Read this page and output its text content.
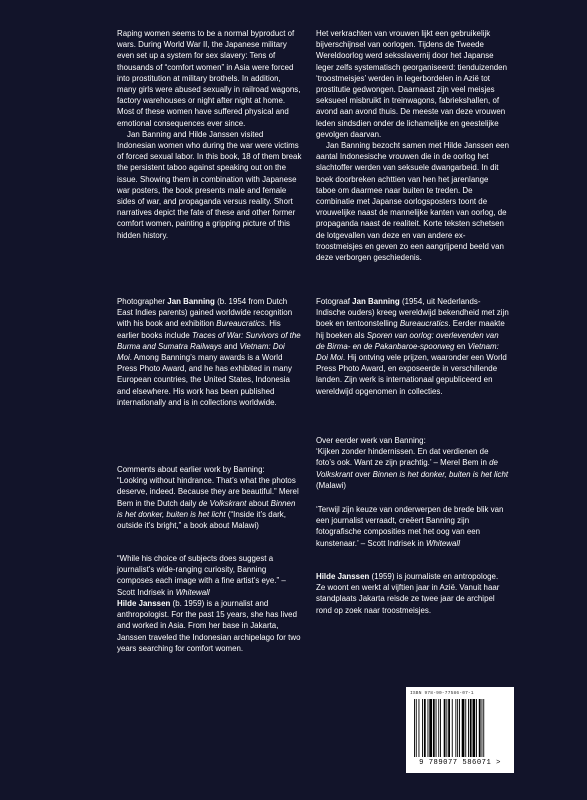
Raping women seems to be a normal byproduct of wars. During World War II, the Japanese military even set up a system for sex slavery: Tens of thousands of “comfort women” in Asia were forced into prostitution at military brothels. In addition, many girls were abused sexually in railroad wagons, factory warehouses or night after night at home. Most of these women have suffered physical and emotional consequences ever since.

Jan Banning and Hilde Janssen visited Indonesian women who during the war were victims of forced sexual labor. In this book, 18 of them break the persistent taboo against speaking out on the issue. Showing them in combination with Japanese war posters, the book presents male and female sides of war, and propaganda versus reality. Short narratives depict the fate of these and other former comfort women, painting a gripping picture of this hidden history.

Photographer Jan Banning (b. 1954 from Dutch East Indies parents) gained worldwide recognition with his book and exhibition Bureaucratics. His earlier books include Traces of War: Survivors of the Burma and Sumatra Railways and Vietnam: Doi Moi. Among Banning’s many awards is a World Press Photo Award, and he has exhibited in many European countries, the United States, Indonesia and elsewhere. His work has been published internationally and is in collections worldwide.

Comments about earlier work by Banning:

“Looking without hindrance. That’s what the photos deserve, indeed. Because they are beautiful.” Merel Bem in the Dutch daily de Volkskrant about Binnen is het donker, buiten is het licht (“Inside it’s dark, outside it’s bright,” a book about Malawi)

“While his choice of subjects does suggest a journalist’s wide-ranging curiosity, Banning composes each image with a fine artist’s eye.” – Scott Indrisek in Whitewall

Hilde Janssen (b. 1959) is a journalist and anthropologist. For the past 15 years, she has lived and worked in Asia. From her base in Jakarta, Janssen traveled the Indonesian archipelago for two years searching for comfort women.

Het verkrachten van vrouwen lijkt een gebruikelijk bijverschijnsel van oorlogen. Tijdens de Tweede Wereldoorlog werd seksslavernij door het Japanse leger zelfs systematisch georganiseerd: tienduizenden ‘troostmeisjes’ werden in legerbordelen in Azië tot prostitutie gedwongen. Daarnaast zijn veel meisjes seksueel misbruikt in treinwagons, fabriekshallen, of avond aan avond thuis. De meeste van deze vrouwen leden sindsdien onder de lichamelijke en geestelijke gevolgen daarvan.

Jan Banning bezocht samen met Hilde Janssen een aantal Indonesische vrouwen die in de oorlog het slachtoffer werden van seksuele dwangarbeid. In dit boek doorbreken achttien van hen het jarenlange taboe om daarmee naar buiten te treden. De combinatie met Japanse oorlogsposters toont de vrouwelijke naast de mannelijke kanten van oorlog, de propaganda naast de realiteit. Korte teksten schetsen de lotgevallen van deze en van andere ex-troostmeisjes en geven zo een aangrijpend beeld van deze verborgen geschiedenis.

Fotograaf Jan Banning (1954, uit Nederlands-Indische ouders) kreeg wereldwijd bekendheid met zijn boek en tentoonstelling Bureaucratics. Eerder maakte hij boeken als Sporen van oorlog: overlevenden van de Birma- en de Pakanbaroe-spoorweg en Vietnam: Doi Moi. Hij ontving vele prijzen, waaronder een World Press Photo Award, en exposeerde in verschillende landen. Zijn werk is internationaal gepubliceerd en wereldwijd opgenomen in collecties.

Over eerder werk van Banning:

‘Kijken zonder hindernissen. En dat verdienen de foto’s ook. Want ze zijn prachtig.’ – Merel Bem in de Volkskrant over Binnen is het donker, buiten is het licht (Malawi)

‘Terwijl zijn keuze van onderwerpen de brede blik van een journalist verraadt, creëert Banning zijn fotografische composities met het oog van een kunstenaar.’ – Scott Indrisek in Whitewall

Hilde Janssen (1959) is journaliste en antropologe. Ze woont en werkt al vijftien jaar in Azië. Vanuit haar standplaats Jakarta reisde ze twee jaar de archipel rond op zoek naar troostmeisjes.

ISBN 978-90-77586-07-1
9 789077 586071 >
